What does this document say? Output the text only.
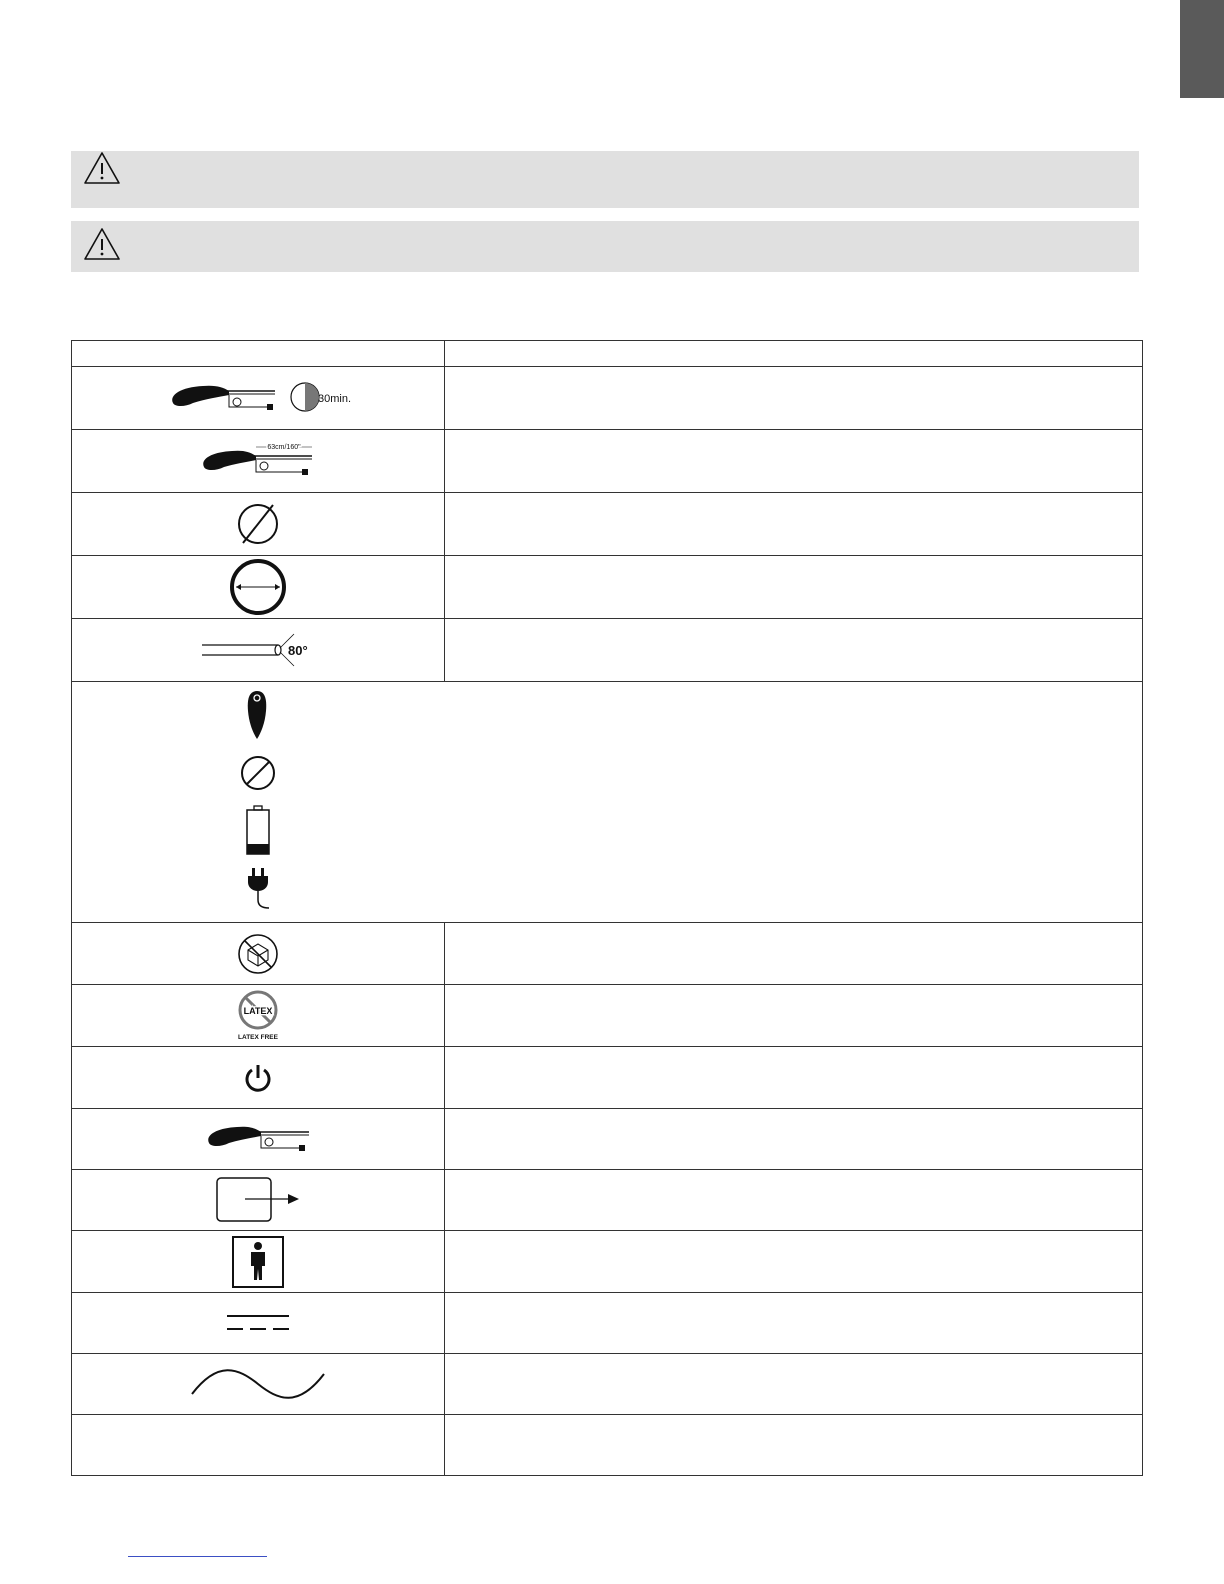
30min.	

63cm/160"	

80°	

LATEX
LATEX FREE	
